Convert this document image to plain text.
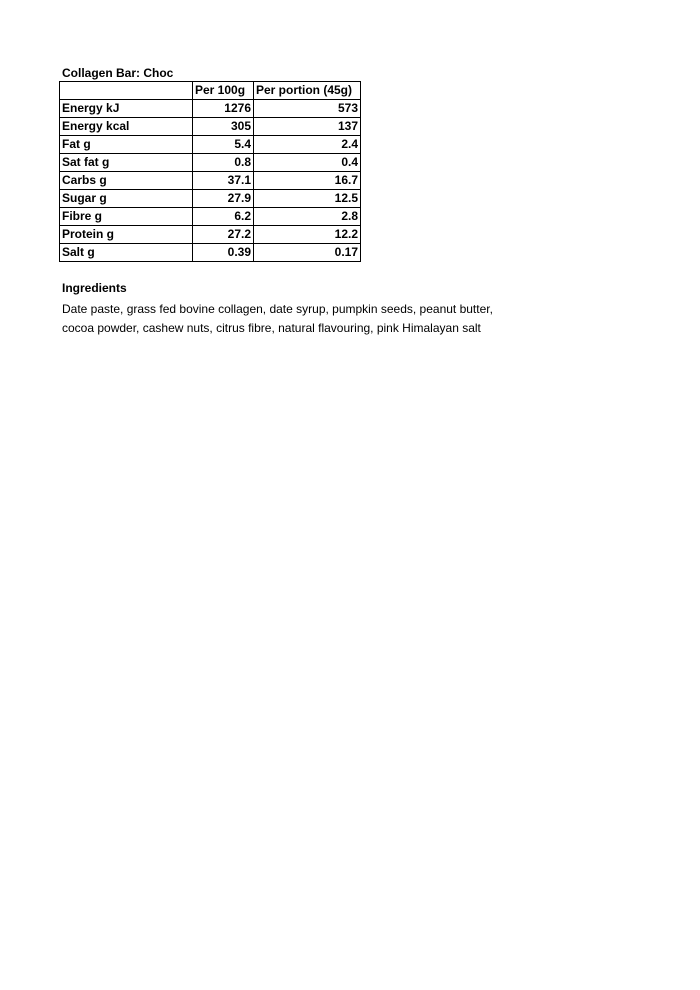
Collagen Bar: Choc
	Per 100g	Per portion (45g)
Energy kJ	1276	573
Energy kcal	305	137
Fat g	5.4	2.4
Sat fat g	0.8	0.4
Carbs g	37.1	16.7
Sugar g	27.9	12.5
Fibre g	6.2	2.8
Protein g	27.2	12.2
Salt g	0.39	0.17
Ingredients
Date paste, grass fed bovine collagen, date syrup, pumpkin seeds, peanut butter,
cocoa powder, cashew nuts, citrus fibre, natural flavouring, pink Himalayan salt
